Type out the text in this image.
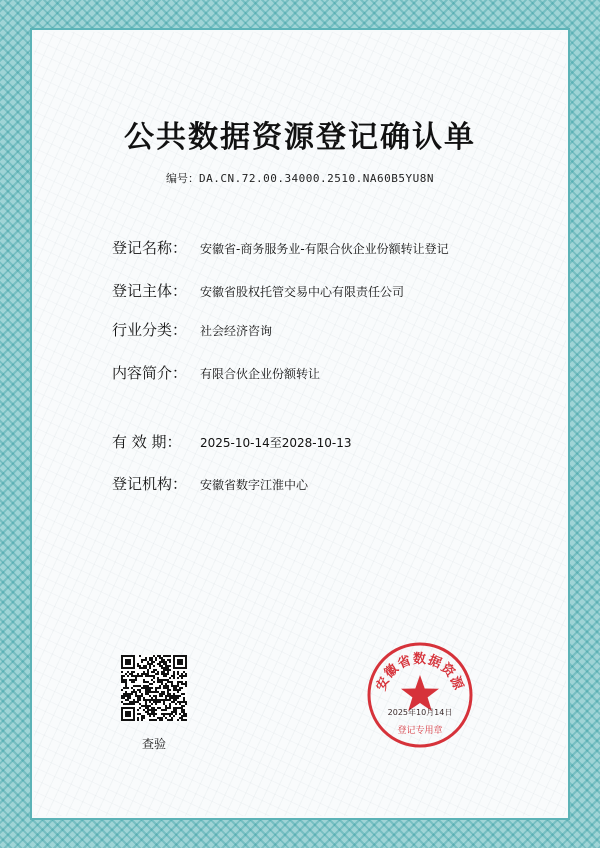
公共数据资源登记确认单
编号：DA.CN.72.00.34000.2510.NA60B5YU8N
登记名称： 安徽省-商务服务业-有限合伙企业份额转让登记
登记主体： 安徽省股权托管交易中心有限责任公司
行业分类： 社会经济咨询
内容简介： 有限合伙企业份额转让
有 效 期： 2025-10-14至2028-10-13
登记机构： 安徽省数字江淮中心
查验
安徽省数据资源
2025年10月14日
登记专用章
